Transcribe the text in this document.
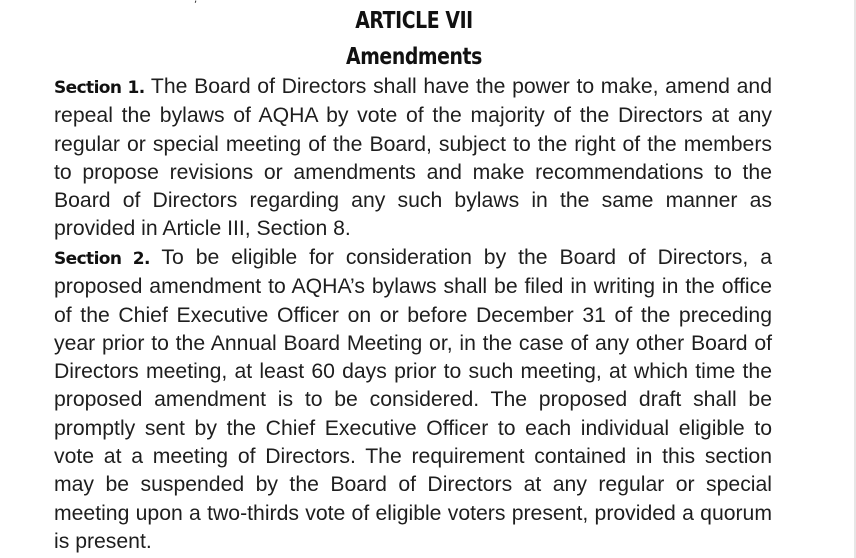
ARTICLE VII
Amendments

Section 1. The Board of Directors shall have the power to make, amend and repeal the bylaws of AQHA by vote of the majority of the Directors at any regular or special meeting of the Board, subject to the right of the members to propose revisions or amendments and make recommendations to the Board of Directors regarding any such bylaws in the same manner as provided in Article III, Section 8.

Section 2. To be eligible for consideration by the Board of Directors, a proposed amendment to AQHA’s bylaws shall be filed in writing in the office of the Chief Executive Officer on or before December 31 of the preceding year prior to the Annual Board Meeting or, in the case of any other Board of Directors meeting, at least 60 days prior to such meeting, at which time the proposed amendment is to be considered. The proposed draft shall be promptly sent by the Chief Executive Officer to each individual eligible to vote at a meeting of Directors. The requirement contained in this section may be suspended by the Board of Directors at any regular or special meeting upon a two-thirds vote of eligible voters present, provided a quorum is present.
